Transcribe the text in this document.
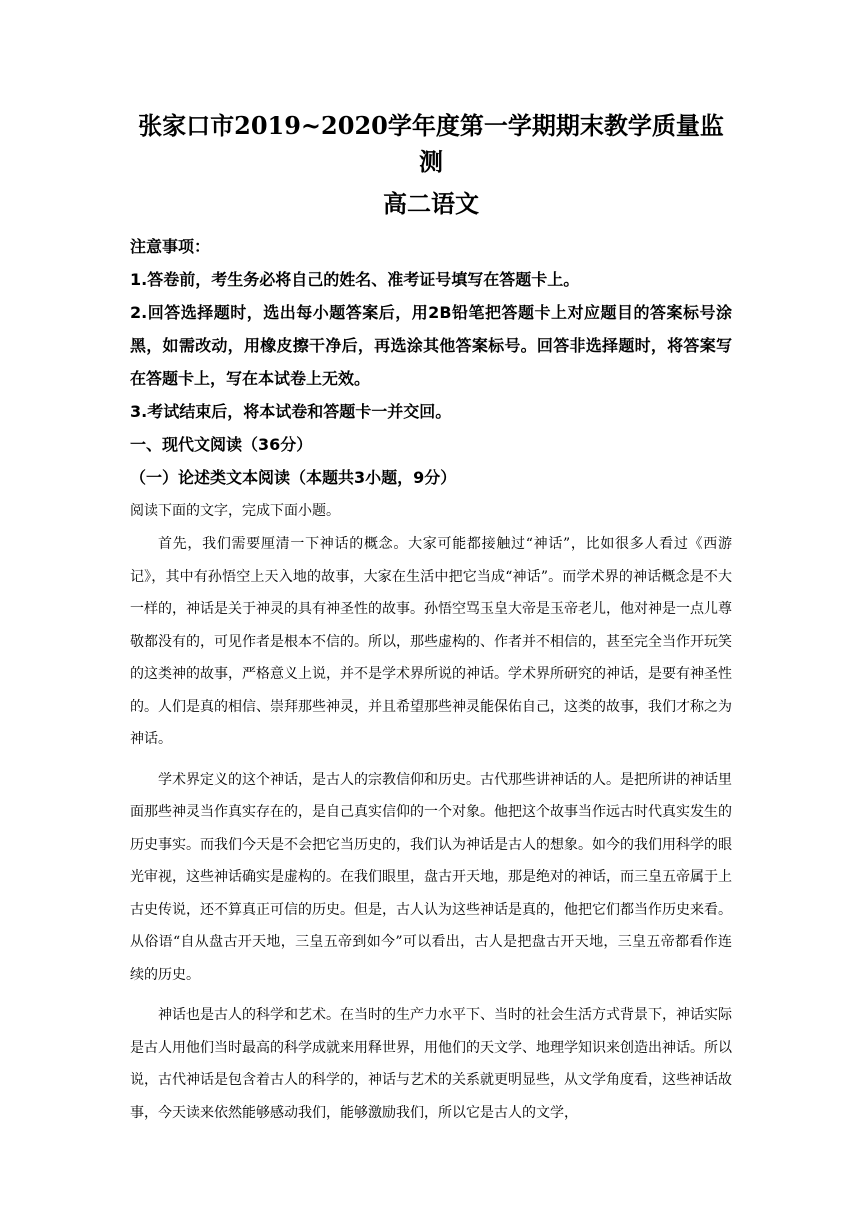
张家口市2019~2020学年度第一学期期末教学质量监测
高二语文

注意事项：

1.答卷前，考生务必将自己的姓名、准考证号填写在答题卡上。

2.回答选择题时，选出每小题答案后，用2B铅笔把答题卡上对应题目的答案标号涂黑，如需改动，用橡皮擦干净后，再选涂其他答案标号。回答非选择题时，将答案写在答题卡上，写在本试卷上无效。

3.考试结束后，将本试卷和答题卡一并交回。

一、现代文阅读（36分）

（一）论述类文本阅读（本题共3小题，9分）

阅读下面的文字，完成下面小题。

首先，我们需要厘清一下神话的概念。大家可能都接触过“神话”，比如很多人看过《西游记》，其中有孙悟空上天入地的故事，大家在生活中把它当成“神话”。而学术界的神话概念是不大一样的，神话是关于神灵的具有神圣性的故事。孙悟空骂玉皇大帝是玉帝老儿，他对神是一点儿尊敬都没有的，可见作者是根本不信的。所以，那些虚构的、作者并不相信的，甚至完全当作开玩笑的这类神的故事，严格意义上说，并不是学术界所说的神话。学术界所研究的神话，是要有神圣性的。人们是真的相信、崇拜那些神灵，并且希望那些神灵能保佑自己，这类的故事，我们才称之为神话。

学术界定义的这个神话，是古人的宗教信仰和历史。古代那些讲神话的人。是把所讲的神话里面那些神灵当作真实存在的，是自己真实信仰的一个对象。他把这个故事当作远古时代真实发生的历史事实。而我们今天是不会把它当历史的，我们认为神话是古人的想象。如今的我们用科学的眼光审视，这些神话确实是虚构的。在我们眼里，盘古开天地，那是绝对的神话，而三皇五帝属于上古史传说，还不算真正可信的历史。但是，古人认为这些神话是真的，他把它们都当作历史来看。从俗语“自从盘古开天地，三皇五帝到如今”可以看出，古人是把盘古开天地，三皇五帝都看作连续的历史。

神话也是古人的科学和艺术。在当时的生产力水平下、当时的社会生活方式背景下，神话实际是古人用他们当时最高的科学成就来用释世界，用他们的天文学、地理学知识来创造出神话。所以说，古代神话是包含着古人的科学的，神话与艺术的关系就更明显些，从文学角度看，这些神话故事，今天读来依然能够感动我们，能够激励我们，所以它是古人的文学，
